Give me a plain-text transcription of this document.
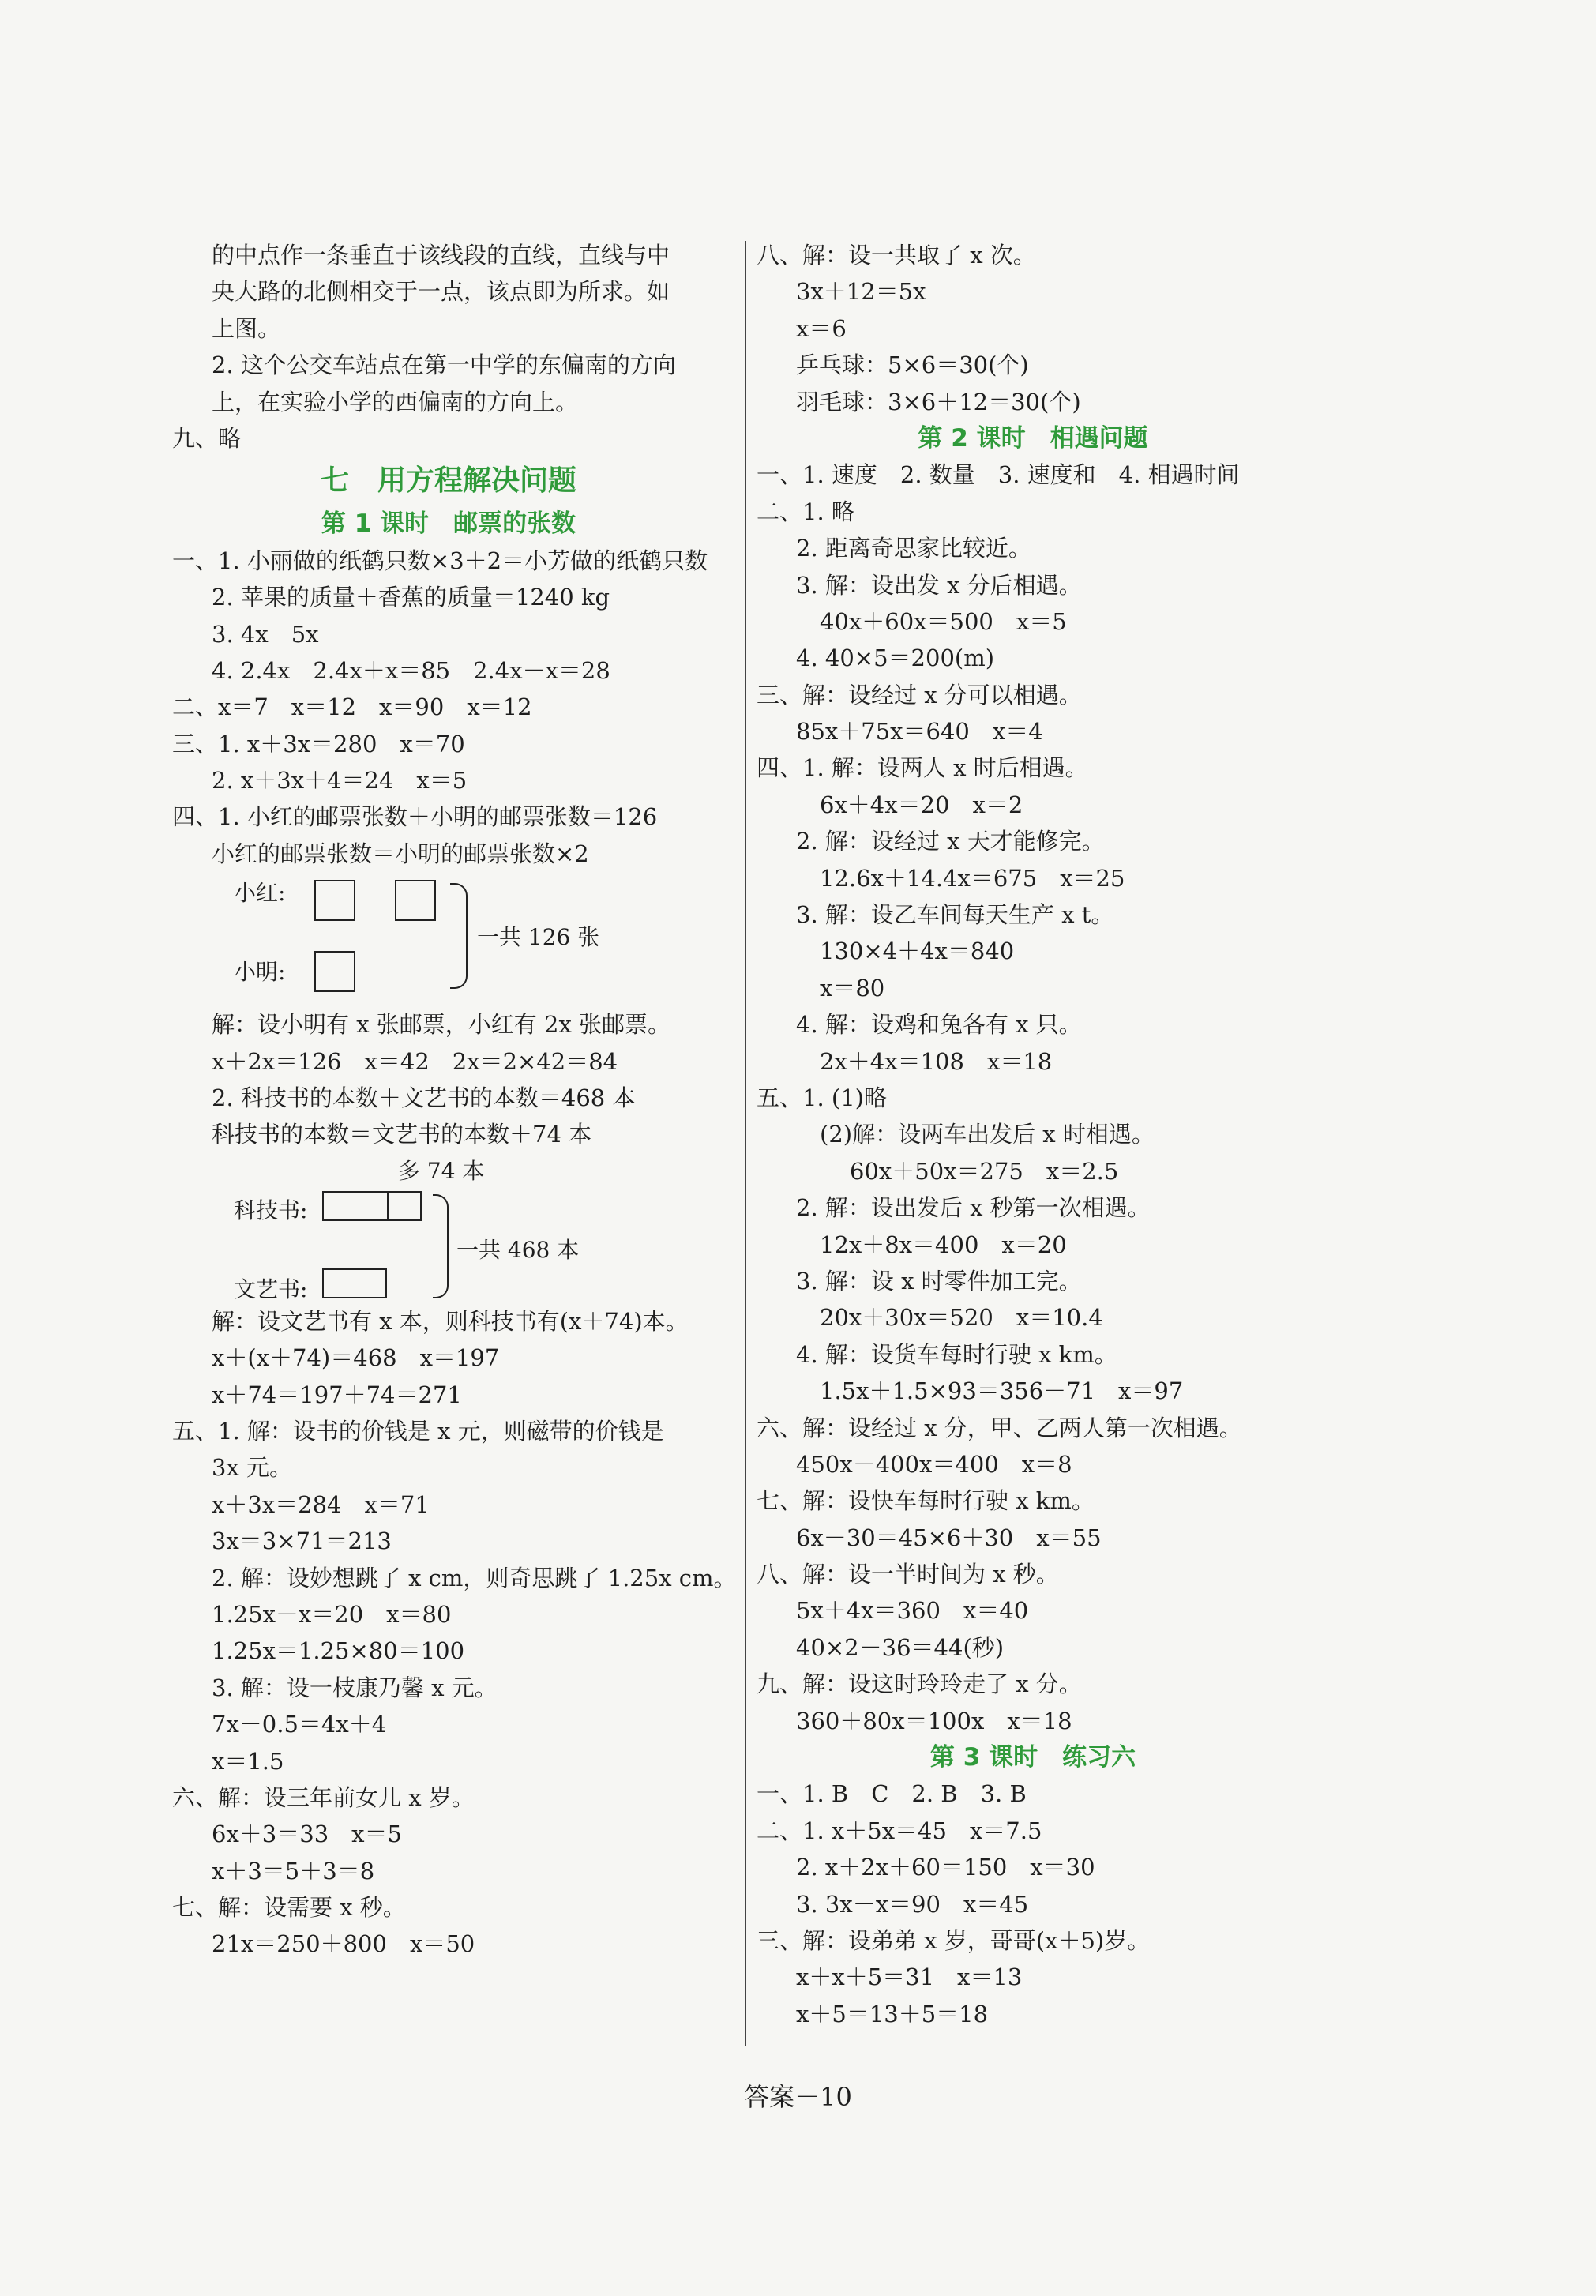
的中点作一条垂直于该线段的直线，直线与中
央大路的北侧相交于一点，该点即为所求。如
上图。
2. 这个公交车站点在第一中学的东偏南的方向
上，在实验小学的西偏南的方向上。
九、略
七　用方程解决问题
第 1 课时　邮票的张数
一、1. 小丽做的纸鹤只数×3＋2＝小芳做的纸鹤只数
2. 苹果的质量＋香蕉的质量＝1240 kg
3. 4x　5x
4. 2.4x　2.4x＋x＝85　2.4x－x＝28
二、x＝7　x＝12　x＝90　x＝12
三、1. x＋3x＝280　x＝70
2. x＋3x＋4＝24　x＝5
四、1. 小红的邮票张数＋小明的邮票张数＝126
小红的邮票张数＝小明的邮票张数×2
小红:
小明:
一共 126 张
解：设小明有 x 张邮票，小红有 2x 张邮票。
x＋2x＝126　x＝42　2x＝2×42＝84
2. 科技书的本数＋文艺书的本数＝468 本
科技书的本数＝文艺书的本数＋74 本
多 74 本
科技书:
文艺书:
一共 468 本
解：设文艺书有 x 本，则科技书有(x＋74)本。
x＋(x＋74)＝468　x＝197
x＋74＝197＋74＝271
五、1. 解：设书的价钱是 x 元，则磁带的价钱是
3x 元。
x＋3x＝284　x＝71
3x＝3×71＝213
2. 解：设妙想跳了 x cm，则奇思跳了 1.25x cm。
1.25x－x＝20　x＝80
1.25x＝1.25×80＝100
3. 解：设一枝康乃馨 x 元。
7x－0.5＝4x＋4
x＝1.5
六、解：设三年前女儿 x 岁。
6x＋3＝33　x＝5
x＋3＝5＋3＝8
七、解：设需要 x 秒。
21x＝250＋800　x＝50
八、解：设一共取了 x 次。
3x＋12＝5x
x＝6
乒乓球：5×6＝30(个)
羽毛球：3×6＋12＝30(个)
第 2 课时　相遇问题
一、1. 速度　2. 数量　3. 速度和　4. 相遇时间
二、1. 略
2. 距离奇思家比较近。
3. 解：设出发 x 分后相遇。
40x＋60x＝500　x＝5
4. 40×5＝200(m)
三、解：设经过 x 分可以相遇。
85x＋75x＝640　x＝4
四、1. 解：设两人 x 时后相遇。
6x＋4x＝20　x＝2
2. 解：设经过 x 天才能修完。
12.6x＋14.4x＝675　x＝25
3. 解：设乙车间每天生产 x t。
130×4＋4x＝840
x＝80
4. 解：设鸡和兔各有 x 只。
2x＋4x＝108　x＝18
五、1. (1)略
(2)解：设两车出发后 x 时相遇。
60x＋50x＝275　x＝2.5
2. 解：设出发后 x 秒第一次相遇。
12x＋8x＝400　x＝20
3. 解：设 x 时零件加工完。
20x＋30x＝520　x＝10.4
4. 解：设货车每时行驶 x km。
1.5x＋1.5×93＝356－71　x＝97
六、解：设经过 x 分，甲、乙两人第一次相遇。
450x－400x＝400　x＝8
七、解：设快车每时行驶 x km。
6x－30＝45×6＋30　x＝55
八、解：设一半时间为 x 秒。
5x＋4x＝360　x＝40
40×2－36＝44(秒)
九、解：设这时玲玲走了 x 分。
360＋80x＝100x　x＝18
第 3 课时　练习六
一、1. B　C　2. B　3. B
二、1. x＋5x＝45　x＝7.5
2. x＋2x＋60＝150　x＝30
3. 3x－x＝90　x＝45
三、解：设弟弟 x 岁，哥哥(x＋5)岁。
x＋x＋5＝31　x＝13
x＋5＝13＋5＝18
答案－10
